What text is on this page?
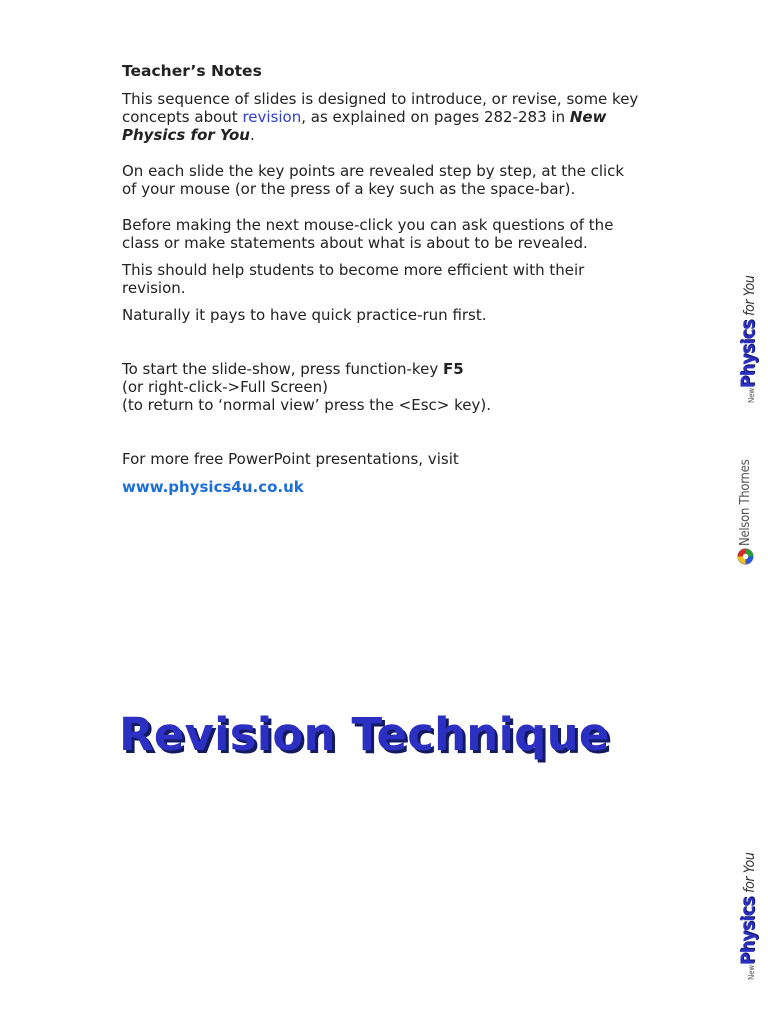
Teacher’s Notes

This sequence of slides is designed to introduce, or revise, some key concepts about revision, as explained on pages 282-283 in New Physics for You.

On each slide the key points are revealed step by step, at the click of your mouse (or the press of a key such as the space-bar).

Before making the next mouse-click you can ask questions of the class or make statements about what is about to be revealed.

This should help students to become more efficient with their revision.

Naturally it pays to have quick practice-run first.

To start the slide-show, press function-key F5
(or right-click->Full Screen)
(to return to ‘normal view’ press the <Esc> key).

For more free PowerPoint presentations, visit

www.physics4u.co.uk
Revision Technique
NewPhysics for You
Nelson Thornes
NewPhysics for You
